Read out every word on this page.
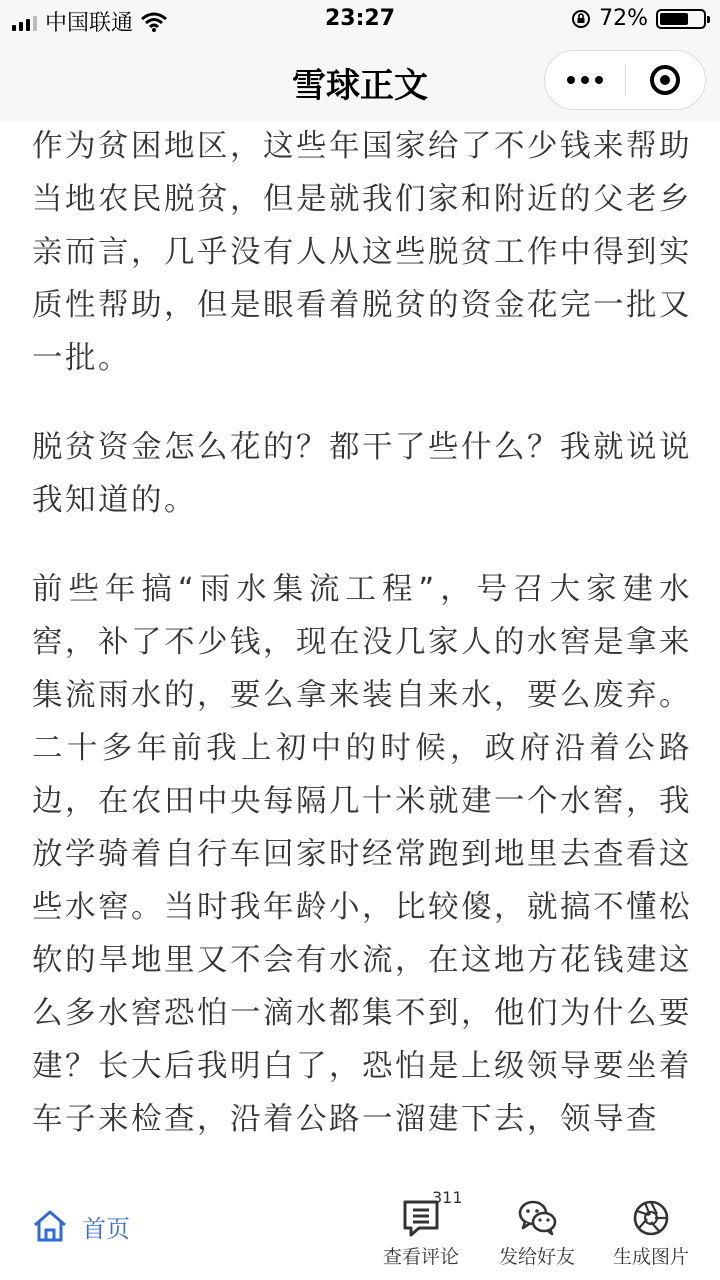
中国联通	23:27	72%
雪球正文

作为贫困地区，这些年国家给了不少钱来帮助当地农民脱贫，但是就我们家和附近的父老乡亲而言，几乎没有人从这些脱贫工作中得到实质性帮助，但是眼看着脱贫的资金花完一批又一批。

脱贫资金怎么花的？都干了些什么？我就说说我知道的。

前些年搞“雨水集流工程”，号召大家建水窖，补了不少钱，现在没几家人的水窖是拿来集流雨水的，要么拿来装自来水，要么废弃。二十多年前我上初中的时候，政府沿着公路边，在农田中央每隔几十米就建一个水窖，我放学骑着自行车回家时经常跑到地里去查看这些水窖。当时我年龄小，比较傻，就搞不懂松软的旱地里又不会有水流，在这地方花钱建这么多水窖恐怕一滴水都集不到，他们为什么要建？长大后我明白了，恐怕是上级领导要坐着车子来检查，沿着公路一溜建下去，领导查

首页
311
查看评论	发给好友	生成图片
